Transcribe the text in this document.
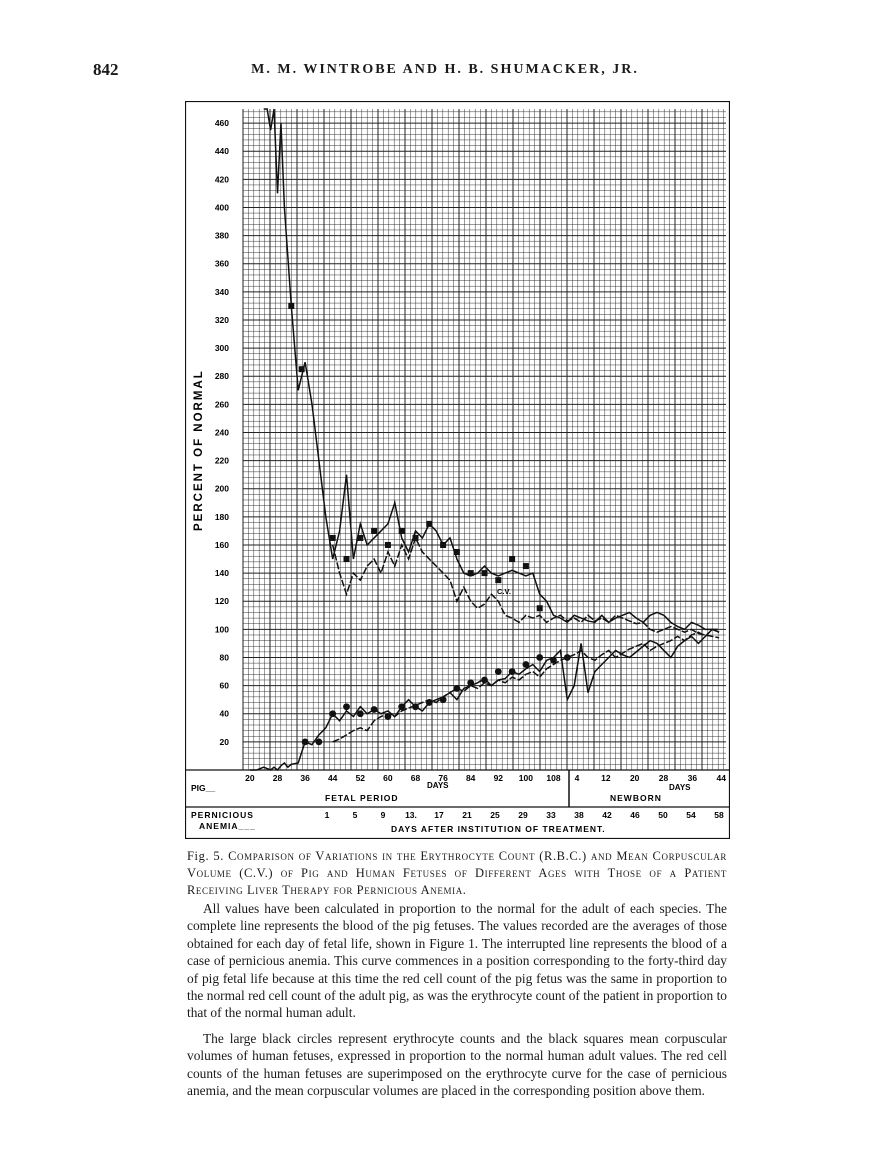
842	M. M. WINTROBE AND H. B. SHUMACKER, JR.
20
40
60
80
100
120
140
160
180
200
220
240
260
280
300
320
340
360
380
400
420
440
460
PERCENT OF NORMAL
20 28 36 44 52 60 68 76 84 92 100 108 4	12 20 28 36 44
PIG__	DAYS	DAYS
FETAL PERIOD	NEWBORN
PERNICIOUS
ANEMIA___
1	5	9 13. 17 21 25 29 33 38 42 46 50 54 58
DAYS AFTER INSTITUTION OF TREATMENT.
C.V.
Fig. 5. Comparison of Variations in the Erythrocyte Count (R.B.C.) and Mean Corpuscular Volume (C.V.) of Pig and Human Fetuses of Different Ages with Those of a Patient Receiving Liver Therapy for Pernicious Anemia.

All values have been calculated in proportion to the normal for the adult of each species. The complete line represents the blood of the pig fetuses. The values recorded are the averages of those obtained for each day of fetal life, shown in Figure 1. The interrupted line represents the blood of a case of pernicious anemia. This curve commences in a position corresponding to the forty-third day of pig fetal life because at this time the red cell count of the pig fetus was the same in proportion to the normal red cell count of the adult pig, as was the erythrocyte count of the patient in proportion to that of the normal human adult.

The large black circles represent erythrocyte counts and the black squares mean corpuscular volumes of human fetuses, expressed in proportion to the normal human adult values. The red cell counts of the human fetuses are superimposed on the erythrocyte curve for the case of pernicious anemia, and the mean corpuscular volumes are placed in the corresponding position above them.
